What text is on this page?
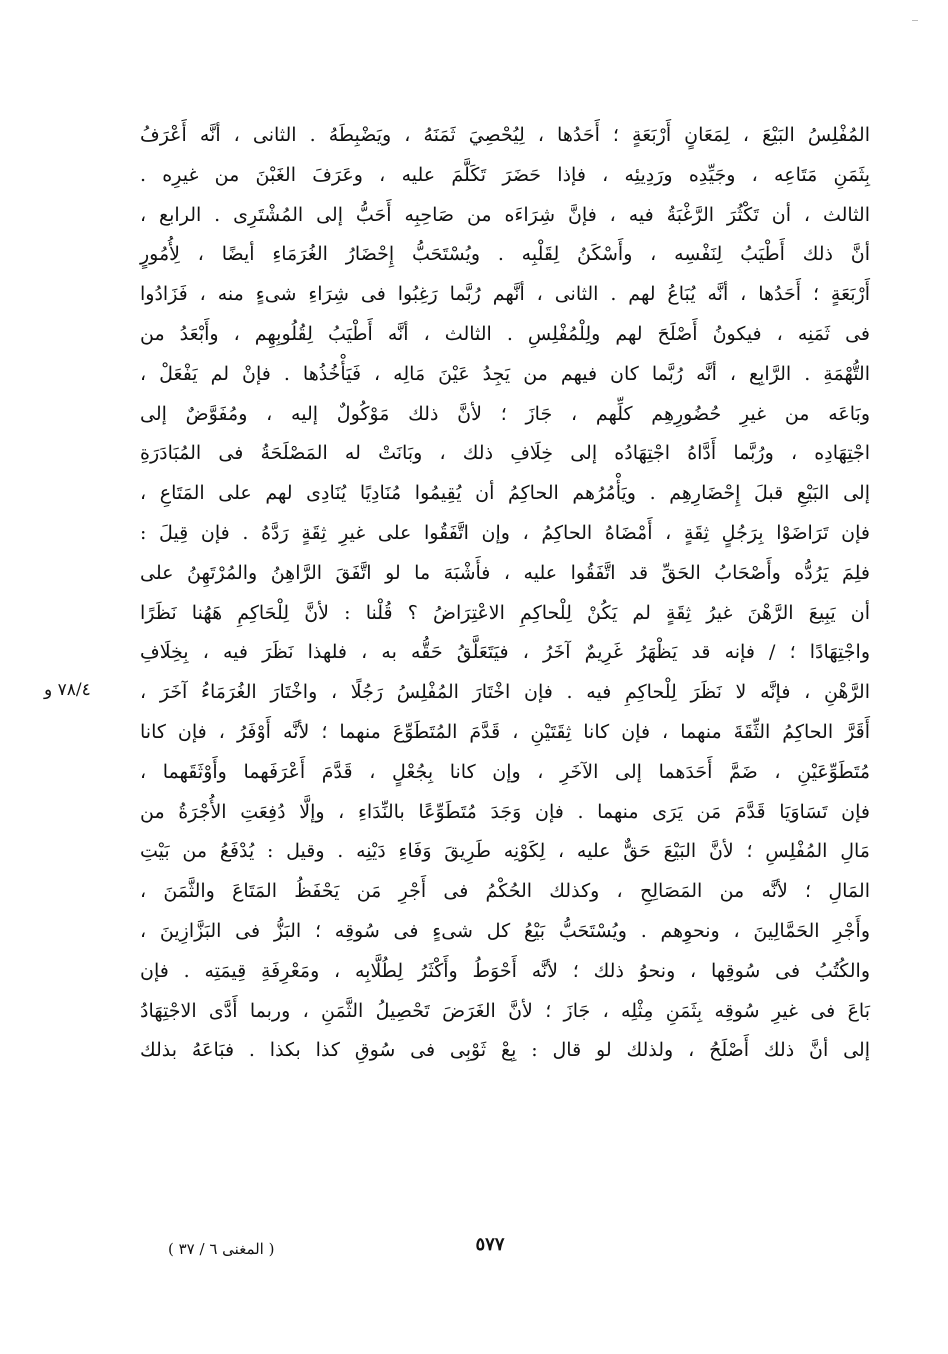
المُفْلِسُ البَيْعَ ، لِمَعَانٍ أَرْبَعَةٍ ؛ أَحَدُها ، لِيُحْصِيَ ثَمَنَهُ ، ويَضْبِطَهُ . الثانى ، أنَّه أَعْرَفُ
بِثَمَنِ مَتَاعِه ، وجَيِّدِه ورَدِيئِه ، فإذا حَضَرَ تَكَلَّمَ عليه ، وعَرَفَ الغَبْنَ من غيرِه .
الثالث ، أن تَكْثُرَ الرَّغْبَةُ فيه ، فإنَّ شِرَاءَه من صَاحِبِه أَحَبُّ إلى المُشْتَرِى . الرابع ،
أنَّ ذلك أَطْيَبُ لِنَفْسِه ، وأَسْكَنُ لِقَلْبِه . ويُسْتَحَبُّ إِحْضَارُ الغُرَمَاءِ أيضًا ، لِأُمُورٍ
أَرْبَعَةٍ ؛ أَحَدُها ، أنَّه يُبَاعُ لهم . الثانى ، أنَّهم رُبَّما رَغِبُوا فى شِرَاءِ شىءٍ منه ، فَزَادُوا
فى ثَمَنِه ، فيكونُ أَصْلَحَ لهم ولِلْمُفْلِسِ . الثالث ، أنَّه أَطْيَبُ لِقُلُوبِهِم ، وأَبْعَدُ من
التُّهْمَةِ . الرَّابِع ، أنَّه رُبَّما كان فيهم من يَجِدُ عَيْنَ مَالِه ، فَيَأْخُذُها . فإنْ لم يَفْعَلْ ،
وبَاعَه من غيرِ حُضُورِهِم كلِّهم ، جَازَ ؛ لأنَّ ذلك مَوْكُولٌ إليه ، ومُفَوَّضٌ إلى
اجْتِهَادِه ، ورُبَّما أَدَّاهُ اجْتِهَادُه إلى خِلَافِ ذلك ، وبَانَتْ له المَصْلَحَةُ فى المُبَادَرَةِ
إلى البَيْعِ قبلَ إِحْضَارِهِم . ويَأْمُرُهم الحاكِمُ أن يُقِيمُوا مُنَادِيًا يُنَادِى لهم على المَتَاعِ ،
فإن تَرَاضَوْا بِرَجُلٍ ثِقَةٍ ، أَمْضَاهُ الحاكِمُ ، وإن اتَّفَقُوا على غيرِ ثِقَةٍ رَدَّهُ . فإن قِيلَ :
فلِمَ يَرُدُّه وأَصْحَابُ الحَقِّ قد اتَّفَقُوا عليه ، فأَشْبَهَ ما لو اتَّفَقَ الرَّاهِنُ والمُرْتَهِنُ على
أن يَبِيعَ الرَّهْنَ غيرُ ثِقَةٍ لم يَكُنْ لِلْحاكِمِ الاعْتِرَاضُ ؟ قُلْنا : لأنَّ لِلْحَاكِمِ هَهُنا نَظَرًا
واجْتِهَادًا ؛ / فإنه قد يَظْهَرُ غَرِيمٌ آخَرُ ، فيَتَعَلَّقُ حَقُّه به ، فلهذا نَظَرَ فيه ، بِخِلَافِ
الرَّهْنِ ، فإنَّه لا نَظَرَ لِلْحاكِمِ فيه . فإن اخْتَارَ المُفْلِسُ رَجُلًا ، واخْتَارَ الغُرَمَاءُ آخَرَ ،
أَقَرَّ الحاكِمُ الثِّقَةَ منهما ، فإن كانا ثِقَتَيْنِ ، قَدَّمَ المُتَطَوِّعَ منهما ؛ لأنَّه أَوْفَرُ ، فإن كانا
مُتَطَوِّعَيْنِ ، ضَمَّ أَحَدَهما إلى الآخَرِ ، وإن كانا بِجُعْلٍ ، قَدَّمَ أَعْرَفَهما وأَوْثَقَهما ،
فإن تَسَاوَيَا قَدَّمَ مَن يَرَى منهما . فإن وَجَدَ مُتَطَوِّعًا بالنِّدَاءِ ، وإلَّا دُفِعَتِ الأُجْرَةُ من
مَالِ المُفْلِسِ ؛ لأنَّ البَيْعَ حَقٌّ عليه ، لِكَوْنِه طَرِيقَ وَفَاءِ دَيْنِه . وقيل : يُدْفَعُ من بَيْتِ
المَالِ ؛ لأنَّه من المَصَالِحِ ، وكذلك الحُكْمُ فى أَجْرِ مَن يَحْفَظُ المَتَاعَ والثَّمَنَ ،
وأَجْرِ الحَمَّالِينَ ، ونحوِهم . ويُسْتَحَبُّ بَيْعُ كل شىءٍ فى سُوقِه ؛ البَزُّ فى البَزَّازِينَ ،
والكُتُبُ فى سُوقِها ، ونحوُ ذلك ؛ لأنَّه أَحْوَطُ وأَكْثَرُ لِطُلَّابِه ، ومَعْرِفَةِ قِيمَتِه . فإن
بَاعَ فى غيرِ سُوقِه بِثَمَنِ مِثْلِه ، جَازَ ؛ لأنَّ الغَرَضَ تَحْصِيلُ الثَّمَنِ ، وربما أَدَّى الاجْتِهَادُ
إلى أنَّ ذلك أَصْلَحُ ، ولذلك لو قال : بِعْ ثَوْبِى فى سُوقِ كذا بكذا . فبَاعَهُ بذلك
٧٨/٤ و
٥٧٧
( المغنى ٦ / ٣٧ )
